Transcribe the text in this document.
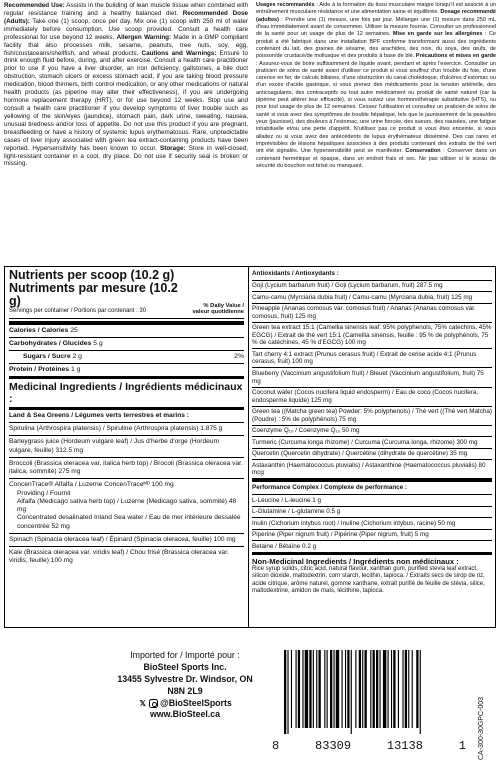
Recommended Use: Assists in the building of lean muscle tissue when combined with regular resistance training and a healthy balanced diet. Recommended Dose (Adults): Take one (1) scoop, once per day. Mix one (1) scoop with 250 ml of water immediately before consumption. Use scoop provided. Consult a health care professional for use beyond 12 weeks. Allergen Warning: Made in a GMP compliant facility that also processes milk, sesame, peanuts, tree nuts, soy, egg, fish/crustaceans/shellfish, and wheat products. Cautions and Warnings: Ensure to drink enough fluid before, during, and after exercise. Consult a health care practitioner prior to use if you have a liver disorder, an iron deficiency, gallstones, a bile duct obstruction, stomach ulcers or excess stomach acid, if you are taking blood pressure medication, blood thinners, birth control medication, or any other medications or natural health products (as piperine may alter their effectiveness), if you are undergoing hormone replacement therapy (HRT), or for use beyond 12 weeks. Stop use and consult a health care practitioner if you develop symptoms of liver trouble such as yellowing of the skin/eyes (jaundice), stomach pain, dark urine, sweating, nausea, unusual tiredness and/or loss of appetite. Do not use this product if you are pregnant, breastfeeding or have a history of systemic lupus erythematosus. Rare, unpredictable cases of liver injury associated with green tea extract-containing products have been reported. Hypersensitivity has been known to occur. Storage: Store in well-closed, light-resistant container in a cool, dry place. Do not use if security seal is broken or missing.

Usages recommandés : Aide à la formation du tissu musculaire maigre lorsqu'il est associé à un entraînement musculaire résistance et une alimentation saine et équilibrée. Dosage recommandé (adultes) : Prendre une (1) mesure, une fois par jour. Mélanger une (1) mesure dans 250 mL d'eau immédiatement avant de consommer. Utiliser la mesure fournie. Consulter un professionnel de la santé pour un usage de plus de 12 semaines. Mise en garde sur les allergènes : Ce produit a été fabriqué dans une installation BPF conforme transformant aussi des ingrédients contenant du lait, des graines de sésame, des arachides, des noix, du soya, des œufs, de poisson/de crustacé/de mollusque et des produits à base de blé. Précautions et mises en garde : Assurez-vous de boire suffisamment de liquide avant, pendant et après l'exercice. Consulter un praticien de soins de santé avant d'utiliser ce produit si vous souffrez d'un trouble du foie, d'une carence en fer, de calculs biliaires, d'une obstruction du canal cholédoque, d'ulcères d'estomac ou d'un excès d'acide gastrique, si vous prenez des médicaments pour la tension artérielle, des anticoagulants, des contraceptifs ou tout autre médicament ou produit de santé naturel (car la pipérine peut altérer leur efficacité), si vous suivez une hormonothérapie substitutive (HTS), ou pour tout usage de plus de 12 semaines. Cessez l'utilisation et consultez un praticien de soins de santé si vous avez des symptômes de trouble hépatique, tels que le jaunissement de la peau/des yeux (jaunisse), des douleurs à l'estomac, une urine foncée, des sueurs, des nausées, une fatigue inhabituelle et/ou une perte d'appétit. N'utilisez pas ce produit si vous êtes enceinte, si vous allaitez ou si vous avez des antécédents de lupus érythémateux disséminé. Des cas rares et imprévisibles de lésions hépatiques associées à des produits contenant des extraits de thé vert ont été signalés. Une hypersensibilité peut se manifester. Conservation : Conserver dans un contenant hermétique et opaque, dans un endroit frais et sec. Ne pas utiliser si le sceau de sécurité du bouchon est brisé ou manquant.

Nutrients per scoop (10.2 g)
Nutriments par mesure (10.2 g)
Servings per container / Portions par contenant : 30
% Daily Value / valeur quotidienne
Calories / Calories 25
Carbohydrates / Glucides 5 g
Sugars / Sucre 2 g	2%
Protein / Protéines 1 g
Medicinal Ingredients / Ingrédients médicinaux :
Land & Sea Greens / Légumes verts terrestres et marins :
Spirulina (Arthrospira platensis) / Spiruline (Arthrospira platensis) 1.875 g
Barleygrass juice (Hordeum vulgare leaf) / Jus d'herbe d'orge (Hordeum vulgare, feuille) 312.5 mg
Broccoli (Brassica oleracea var. italica herb top) / Brocoli (Brassica oleracea var. italica, sommité) 275 mg
ConcenTrace® Alfalfa / Luzerne ConcenTraceᴹᴰ 100 mg
Providing / Fournit
Alfalfa (Medicago sativa herb top) / Luzerne (Medicago sativa, sommité) 48 mg
Concentrated desalinated Inland Sea water / Eau de mer intérieure dessalée concentrée 52 mg
Spinach (Spinacia oleracea leaf) / Épinard (Spinacia oleracea, feuille) 100 mg
Kale (Brassica oleracea var. viridis leaf) / Chou frisé (Brassica oleracea var. viridis, feuille) 100 mg
Antioxidants / Antioxydants :
Goji (Lycium barbarum fruit) / Goji (Lycium barbarum, fruit) 287.5 mg
Camu-camu (Myrciaria dubia fruit) / Camu-camu (Myrciaria dubia, fruit) 125 mg
Pineapple (Ananas comosus var. comosus fruit) / Ananas (Ananas comosus var. comosus, fruit) 125 mg
Green tea extract 15:1 (Camellia sinensis leaf: 95% polyphenols, 75% catechins, 45% EGCG) / Extrait de thé vert 15:1 (Camellia sinensis, feuille : 95 % de polyphénols, 75 % de catéchines, 45 % d'EGCG) 100 mg
Tart cherry 4:1 extract (Prunus cerasus fruit) / Extrait de cerise acide 4:1 (Prunus cerasus, fruit) 100 mg
Blueberry (Vaccinium angustifolium fruit) / Bleuet (Vaccinium angustifolium, fruit) 75 mg
Coconut water (Cocos nucifera liquid endosperm) / Eau de coco (Cocos nucifera, endosperme liquide) 125 mg
Green tea ((Matcha green tea) Powder: 5% polyphenols) / Thé vert ((Thé vert Matcha) (Poudre) : 5% de polyphénols) 75 mg
Coenzyme Q₁₀ / Coenzyme Q₁₀ 50 mg
Turmeric (Curcuma longa rhizome) / Curcuma (Curcuma longa, rhizome) 300 mg
Quercetin (Quercetin dihydrate) / Quercétine (dihydrate de quercétine) 35 mg
Astaxanthin (Haematococcus pluvialis) / Astaxanthine (Haematococcus pluvialis) 80 mcg
Performance Complex / Complexe de performance :
L-Leucine / L-leucine 1 g
L-Glutamine / L-glutamine 0.5 g
Inulin (Cichorium intybus root) / Inuline (Cichorium intybus, racine) 50 mg
Piperine (Piper nigrum fruit) / Pipérine (Piper nigrum, fruit) 5 mg
Betaine / Bétaïne 0.2 g
Non-Medicinal Ingredients / Ingrédients non médicinaux :
Rice syrup solids, citric acid, natural flavour, xanthan gum, purified stevia leaf extract, silicon dioxide, maltodextrin, corn starch, lecithin, tapioca. / Extraits secs de sirop de riz, acide citrique, arôme naturel, gomme xanthane, extrait purifié de feuille de stévia, silice, maltodextrine, amidon de maïs, lécithine, tapioca.
Imported for / Importé pour :
BioSteel Sports Inc.
13455 Sylvestre Dr. Windsor, ON N8N 2L9
𝕏 @BioSteelSports
www.BioSteel.ca
8	83309	13138	1 CA-300-30GPC-003
